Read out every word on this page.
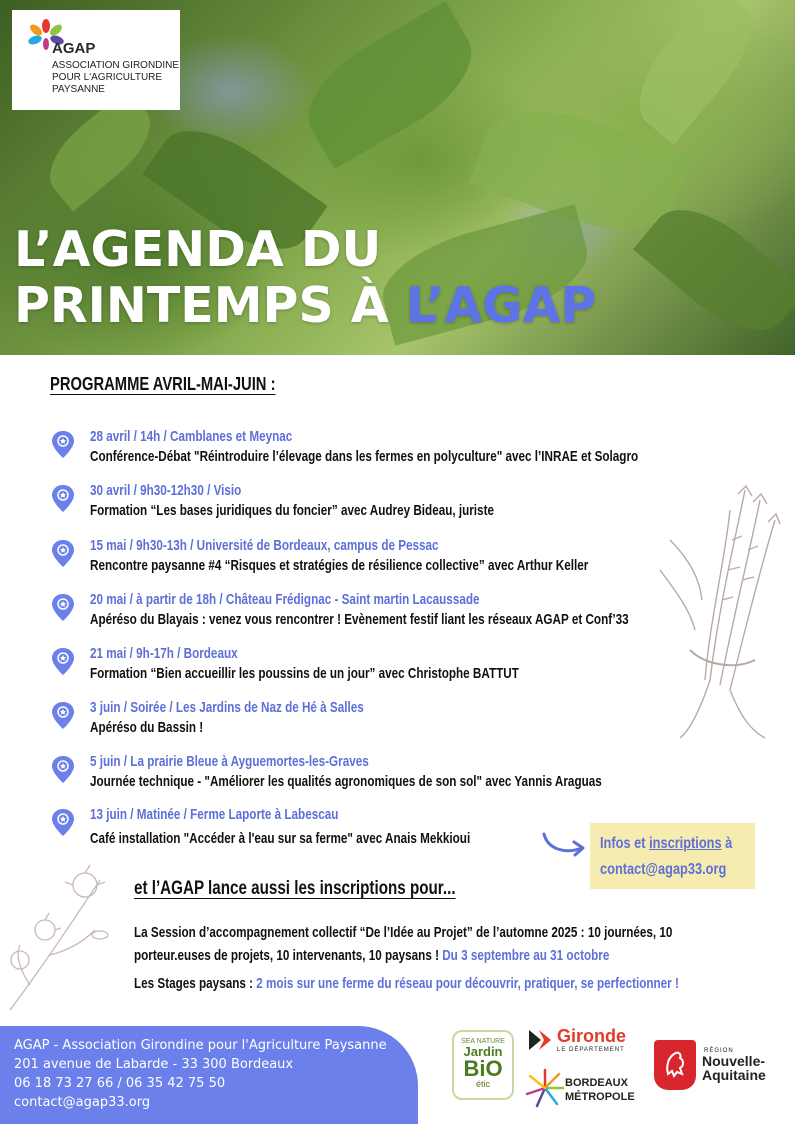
AGAP
ASSOCIATION GIRONDINE
POUR L'AGRICULTURE
PAYSANNE
L’AGENDA DU
PRINTEMPS À L’AGAP
PROGRAMME AVRIL-MAI-JUIN :
28 avril / 14h / Camblanes et Meynac
Conférence-Débat "Réintroduire l’élevage dans les fermes en polyculture" avec l’INRAE et Solagro
30 avril / 9h30-12h30 / Visio
Formation “Les bases juridiques du foncier” avec Audrey Bideau, juriste
15 mai / 9h30-13h / Université de Bordeaux, campus de Pessac
Rencontre paysanne #4 “Risques et stratégies de résilience collective” avec Arthur Keller
20 mai / à partir de 18h / Château Frédignac - Saint martin Lacaussade
Apéréso du Blayais : venez vous rencontrer ! Evènement festif liant les réseaux AGAP et Conf’33
21 mai / 9h-17h / Bordeaux
Formation “Bien accueillir les poussins de un jour” avec Christophe BATTUT
3 juin / Soirée / Les Jardins de Naz de Hé à Salles
Apéréso du Bassin !
5 juin / La prairie Bleue à Ayguemortes-les-Graves
Journée technique - "Améliorer les qualités agronomiques de son sol" avec Yannis Araguas
13 juin / Matinée / Ferme Laporte à Labescau
Café installation "Accéder à l'eau sur sa ferme" avec Anais Mekkioui	Infos et inscriptions à
contact@agap33.org
et l’AGAP lance aussi les inscriptions pour...
La Session d’accompagnement collectif “De l’Idée au Projet” de l’automne 2025 : 10 journées, 10
porteur.euses de projets, 10 intervenants, 10 paysans ! Du 3 septembre au 31 octobre
Les Stages paysans : 2 mois sur une ferme du réseau pour découvrir, pratiquer, se perfectionner !
AGAP - Association Girondine pour l'Agriculture Paysanne
201 avenue de Labarde - 33 300 Bordeaux
06 18 73 27 66 / 06 35 42 75 50
contact@agap33.org
SEA NATURE
Jardin
BiO
étic
Gironde
LE DÉPARTEMENT
BORDEAUX
MÉTROPOLE
RÉGION
Nouvelle-
Aquitaine
